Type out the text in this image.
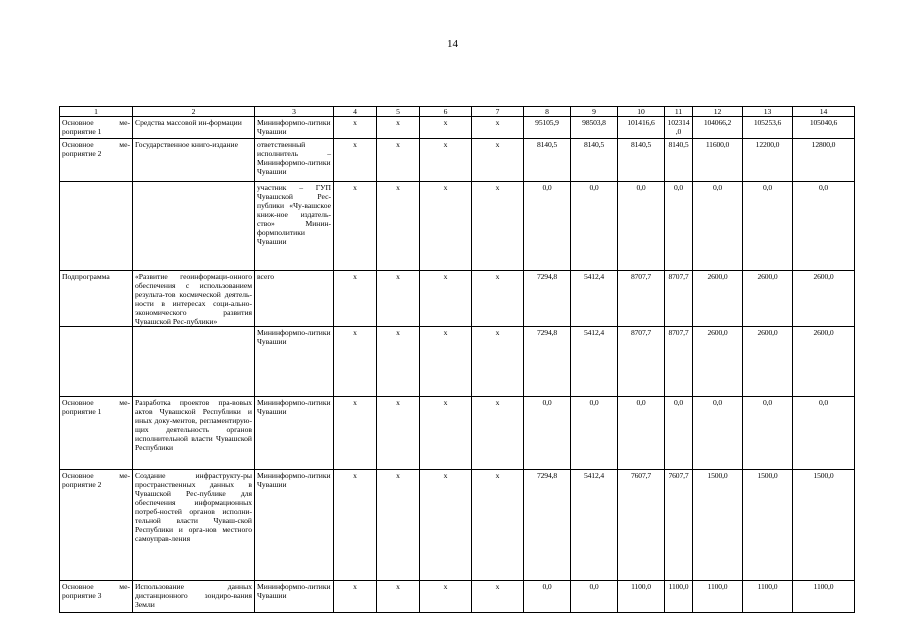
14
1	2	3	4	5	6	7	8	9	10	11	12	13	14
Основное ме-роприятие 1	Средства массовой ин-формации	Мининформпо-литики Чувашии	х	х	х	х	95105,9	98503,8	101416,6	102314,0	104066,2	105253,6	105040,6
Основное ме-роприятие 2	Государственное книго-издание	ответственный исполнитель – Мининформпо-литики Чувашии	х	х	х	х	8140,5	8140,5	8140,5	8140,5	11600,0	12200,0	12800,0
		участник – ГУП Чувашской Рес-публики «Чу-вашское книж-ное издатель-ство» Минин-формполитики Чувашии	х	х	х	х	0,0	0,0	0,0	0,0	0,0	0,0	0,0
Подпрограмма	«Развитие геоинформаци-онного обеспечения с использованием результа-тов космической деятель-ности в интересах соци-ально-экономического развития Чувашской Рес-публики»	всего	х	х	х	х	7294,8	5412,4	8707,7	8707,7	2600,0	2600,0	2600,0
		Мининформпо-литики Чувашии	х	х	х	х	7294,8	5412,4	8707,7	8707,7	2600,0	2600,0	2600,0
Основное ме-роприятие 1	Разработка проектов пра-вовых актов Чувашской Республики и иных доку-ментов, регламентирую-щих деятельность органов исполнительной власти Чувашской Республики	Мининформпо-литики Чувашии	х	х	х	х	0,0	0,0	0,0	0,0	0,0	0,0	0,0
Основное ме-роприятие 2	Создание инфраструкту-ры пространственных данных в Чувашской Рес-публике для обеспечения информационных потреб-ностей органов исполни-тельной власти Чуваш-ской Республики и орга-нов местного самоуправ-ления	Мининформпо-литики Чувашии	х	х	х	х	7294,8	5412,4	7607,7	7607,7	1500,0	1500,0	1500,0
Основное ме-роприятие 3	Использование данных дистанционного зондиро-вания Земли	Мининформпо-литики Чувашии	х	х	х	х	0,0	0,0	1100,0	1100,0	1100,0	1100,0	1100,0
